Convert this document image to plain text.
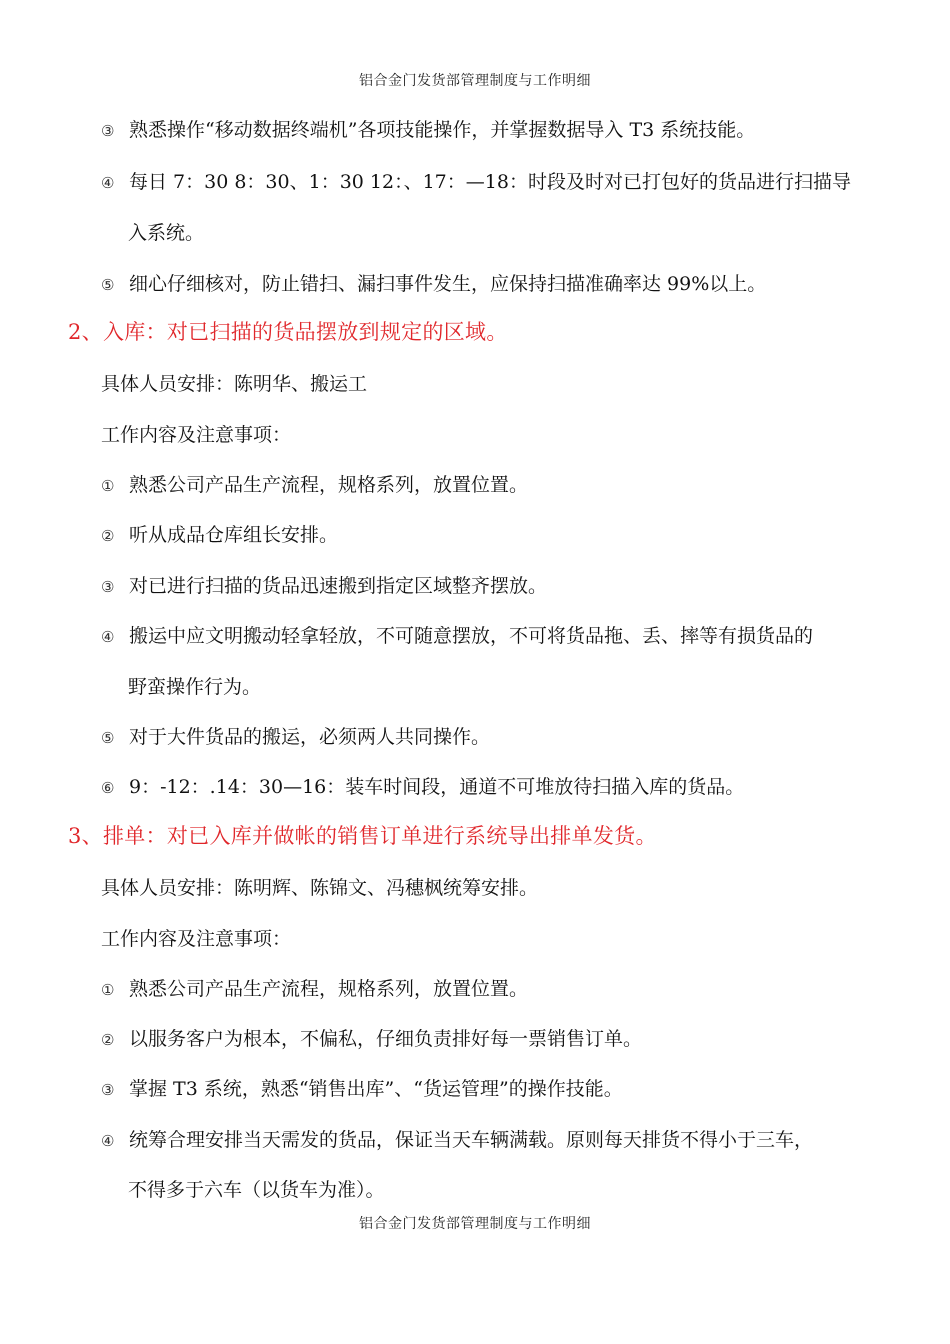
铝合金门发货部管理制度与工作明细
③ 熟悉操作“移动数据终端机”各项技能操作，并掌握数据导入 T3 系统技能。
④ 每日 7：30 8：30、1：30 12：、17：—18：时段及时对已打包好的货品进行扫描导
入系统。
⑤ 细心仔细核对，防止错扫、漏扫事件发生，应保持扫描准确率达 99%以上。
2、入库：对已扫描的货品摆放到规定的区域。
具体人员安排：陈明华、搬运工
工作内容及注意事项：
① 熟悉公司产品生产流程，规格系列，放置位置。
② 听从成品仓库组长安排。
③ 对已进行扫描的货品迅速搬到指定区域整齐摆放。
④ 搬运中应文明搬动轻拿轻放，不可随意摆放，不可将货品拖、丢、摔等有损货品的
野蛮操作行为。
⑤ 对于大件货品的搬运，必须两人共同操作。
⑥ 9：-12：.14：30—16：装车时间段，通道不可堆放待扫描入库的货品。
3、排单：对已入库并做帐的销售订单进行系统导出排单发货。
具体人员安排：陈明辉、陈锦文、冯穗枫统筹安排。
工作内容及注意事项：
① 熟悉公司产品生产流程，规格系列，放置位置。
② 以服务客户为根本，不偏私，仔细负责排好每一票销售订单。
③ 掌握 T3 系统，熟悉“销售出库”、“货运管理”的操作技能。
④ 统筹合理安排当天需发的货品，保证当天车辆满载。原则每天排货不得小于三车，
不得多于六车（以货车为准）。
铝合金门发货部管理制度与工作明细
